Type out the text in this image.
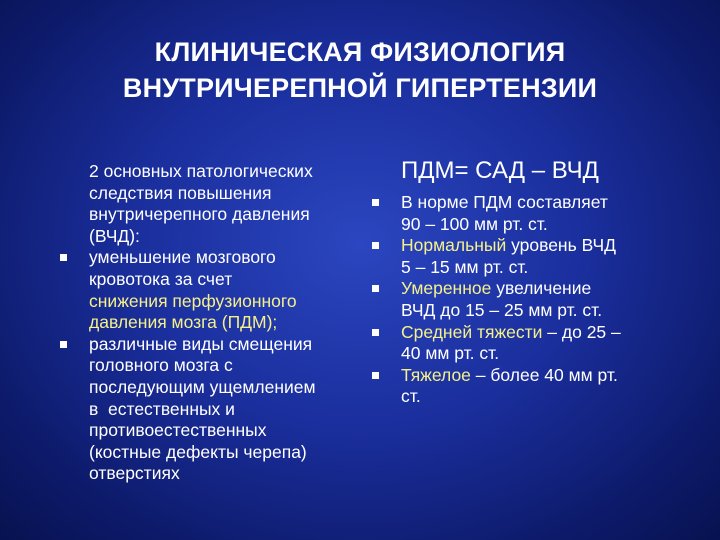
КЛИНИЧЕСКАЯ ФИЗИОЛОГИЯ
ВНУТРИЧЕРЕПНОЙ ГИПЕРТЕНЗИИ
2 основных патологических
следствия повышения
внутричерепного давления
(ВЧД):
уменьшение мозгового
кровотока за счет
снижения перфузионного
давления мозга (ПДМ);
различные виды смещения
головного мозга с
последующим ущемлением
в  естественных и
противоестественных
(костные дефекты черепа)
отверстиях
ПДМ= САД – ВЧД
В норме ПДМ составляет
90 – 100 мм рт. ст.
Нормальный уровень ВЧД
5 – 15 мм рт. ст.
Умеренное увеличение
ВЧД до 15 – 25 мм рт. ст.
Средней тяжести – до 25 –
40 мм рт. ст.
Тяжелое – более 40 мм рт.
ст.
